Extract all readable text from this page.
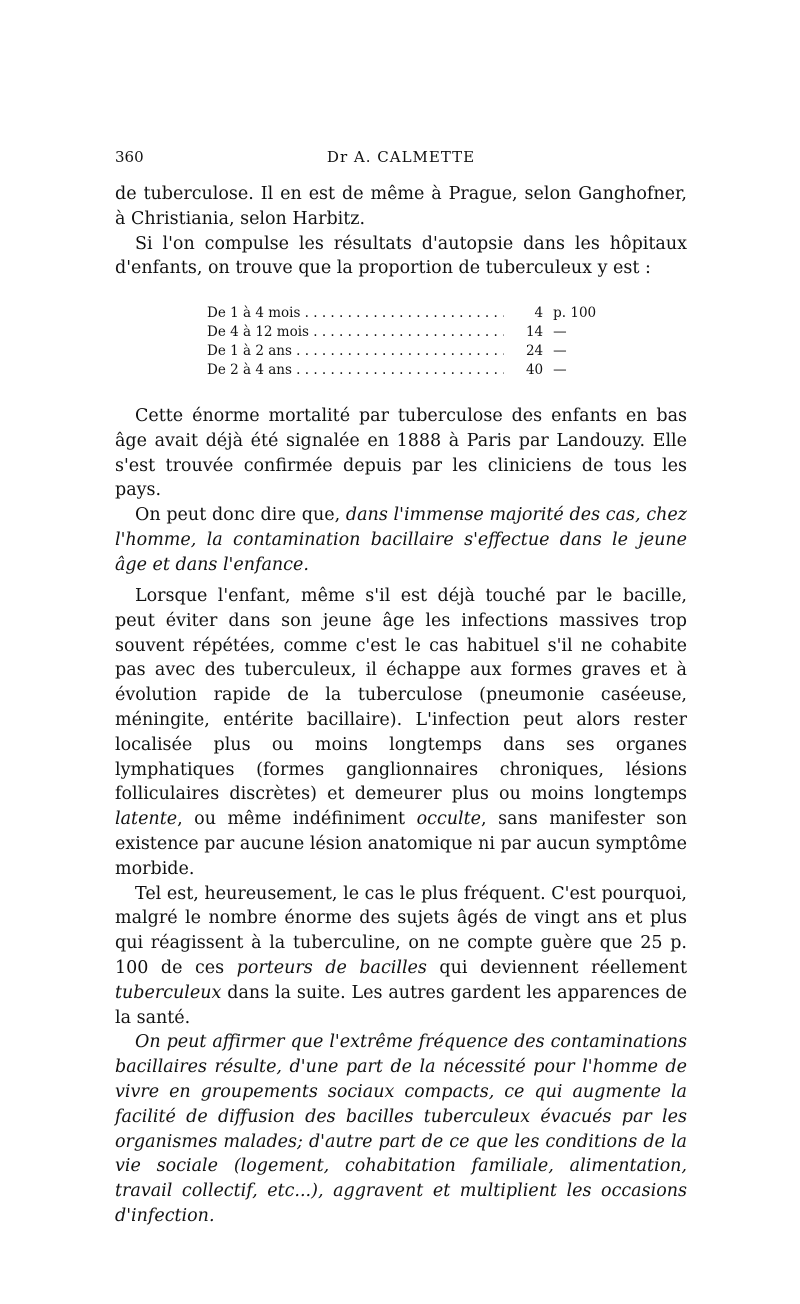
360	Dr A. CALMETTE

de tuberculose. Il en est de même à Prague, selon Ganghofner, à Christiania, selon Harbitz.

Si l'on compulse les résultats d'autopsie dans les hôpitaux d'enfants, on trouve que la proportion de tuberculeux y est :

De 1 à 4 mois . . .	4 p. 100
De 4 à 12 mois . . .	14 —
De 1 à 2 ans . . .	24 —
De 2 à 4 ans . . .	40 —

Cette énorme mortalité par tuberculose des enfants en bas âge avait déjà été signalée en 1888 à Paris par Landouzy. Elle s'est trouvée confirmée depuis par les cliniciens de tous les pays.

On peut donc dire que, dans l'immense majorité des cas, chez l'homme, la contamination bacillaire s'effectue dans le jeune âge et dans l'enfance.

Lorsque l'enfant, même s'il est déjà touché par le bacille, peut éviter dans son jeune âge les infections massives trop souvent répétées, comme c'est le cas habituel s'il ne cohabite pas avec des tuberculeux, il échappe aux formes graves et à évolution rapide de la tuberculose (pneumonie caséeuse, méningite, entérite bacillaire). L'infection peut alors rester localisée plus ou moins longtemps dans ses organes lymphatiques (formes ganglionnaires chroniques, lésions folliculaires discrètes) et demeurer plus ou moins longtemps latente, ou même indéfiniment occulte, sans manifester son existence par aucune lésion anatomique ni par aucun symptôme morbide.

Tel est, heureusement, le cas le plus fréquent. C'est pourquoi, malgré le nombre énorme des sujets âgés de vingt ans et plus qui réagissent à la tuberculine, on ne compte guère que 25 p. 100 de ces porteurs de bacilles qui deviennent réellement tuberculeux dans la suite. Les autres gardent les apparences de la santé.

On peut affirmer que l'extrême fréquence des contaminations bacillaires résulte, d'une part de la nécessité pour l'homme de vivre en groupements sociaux compacts, ce qui augmente la facilité de diffusion des bacilles tuberculeux évacués par les organismes malades; d'autre part de ce que les conditions de la vie sociale (logement, cohabitation familiale, alimentation, travail collectif, etc...), aggravent et multiplient les occasions d'infection.
